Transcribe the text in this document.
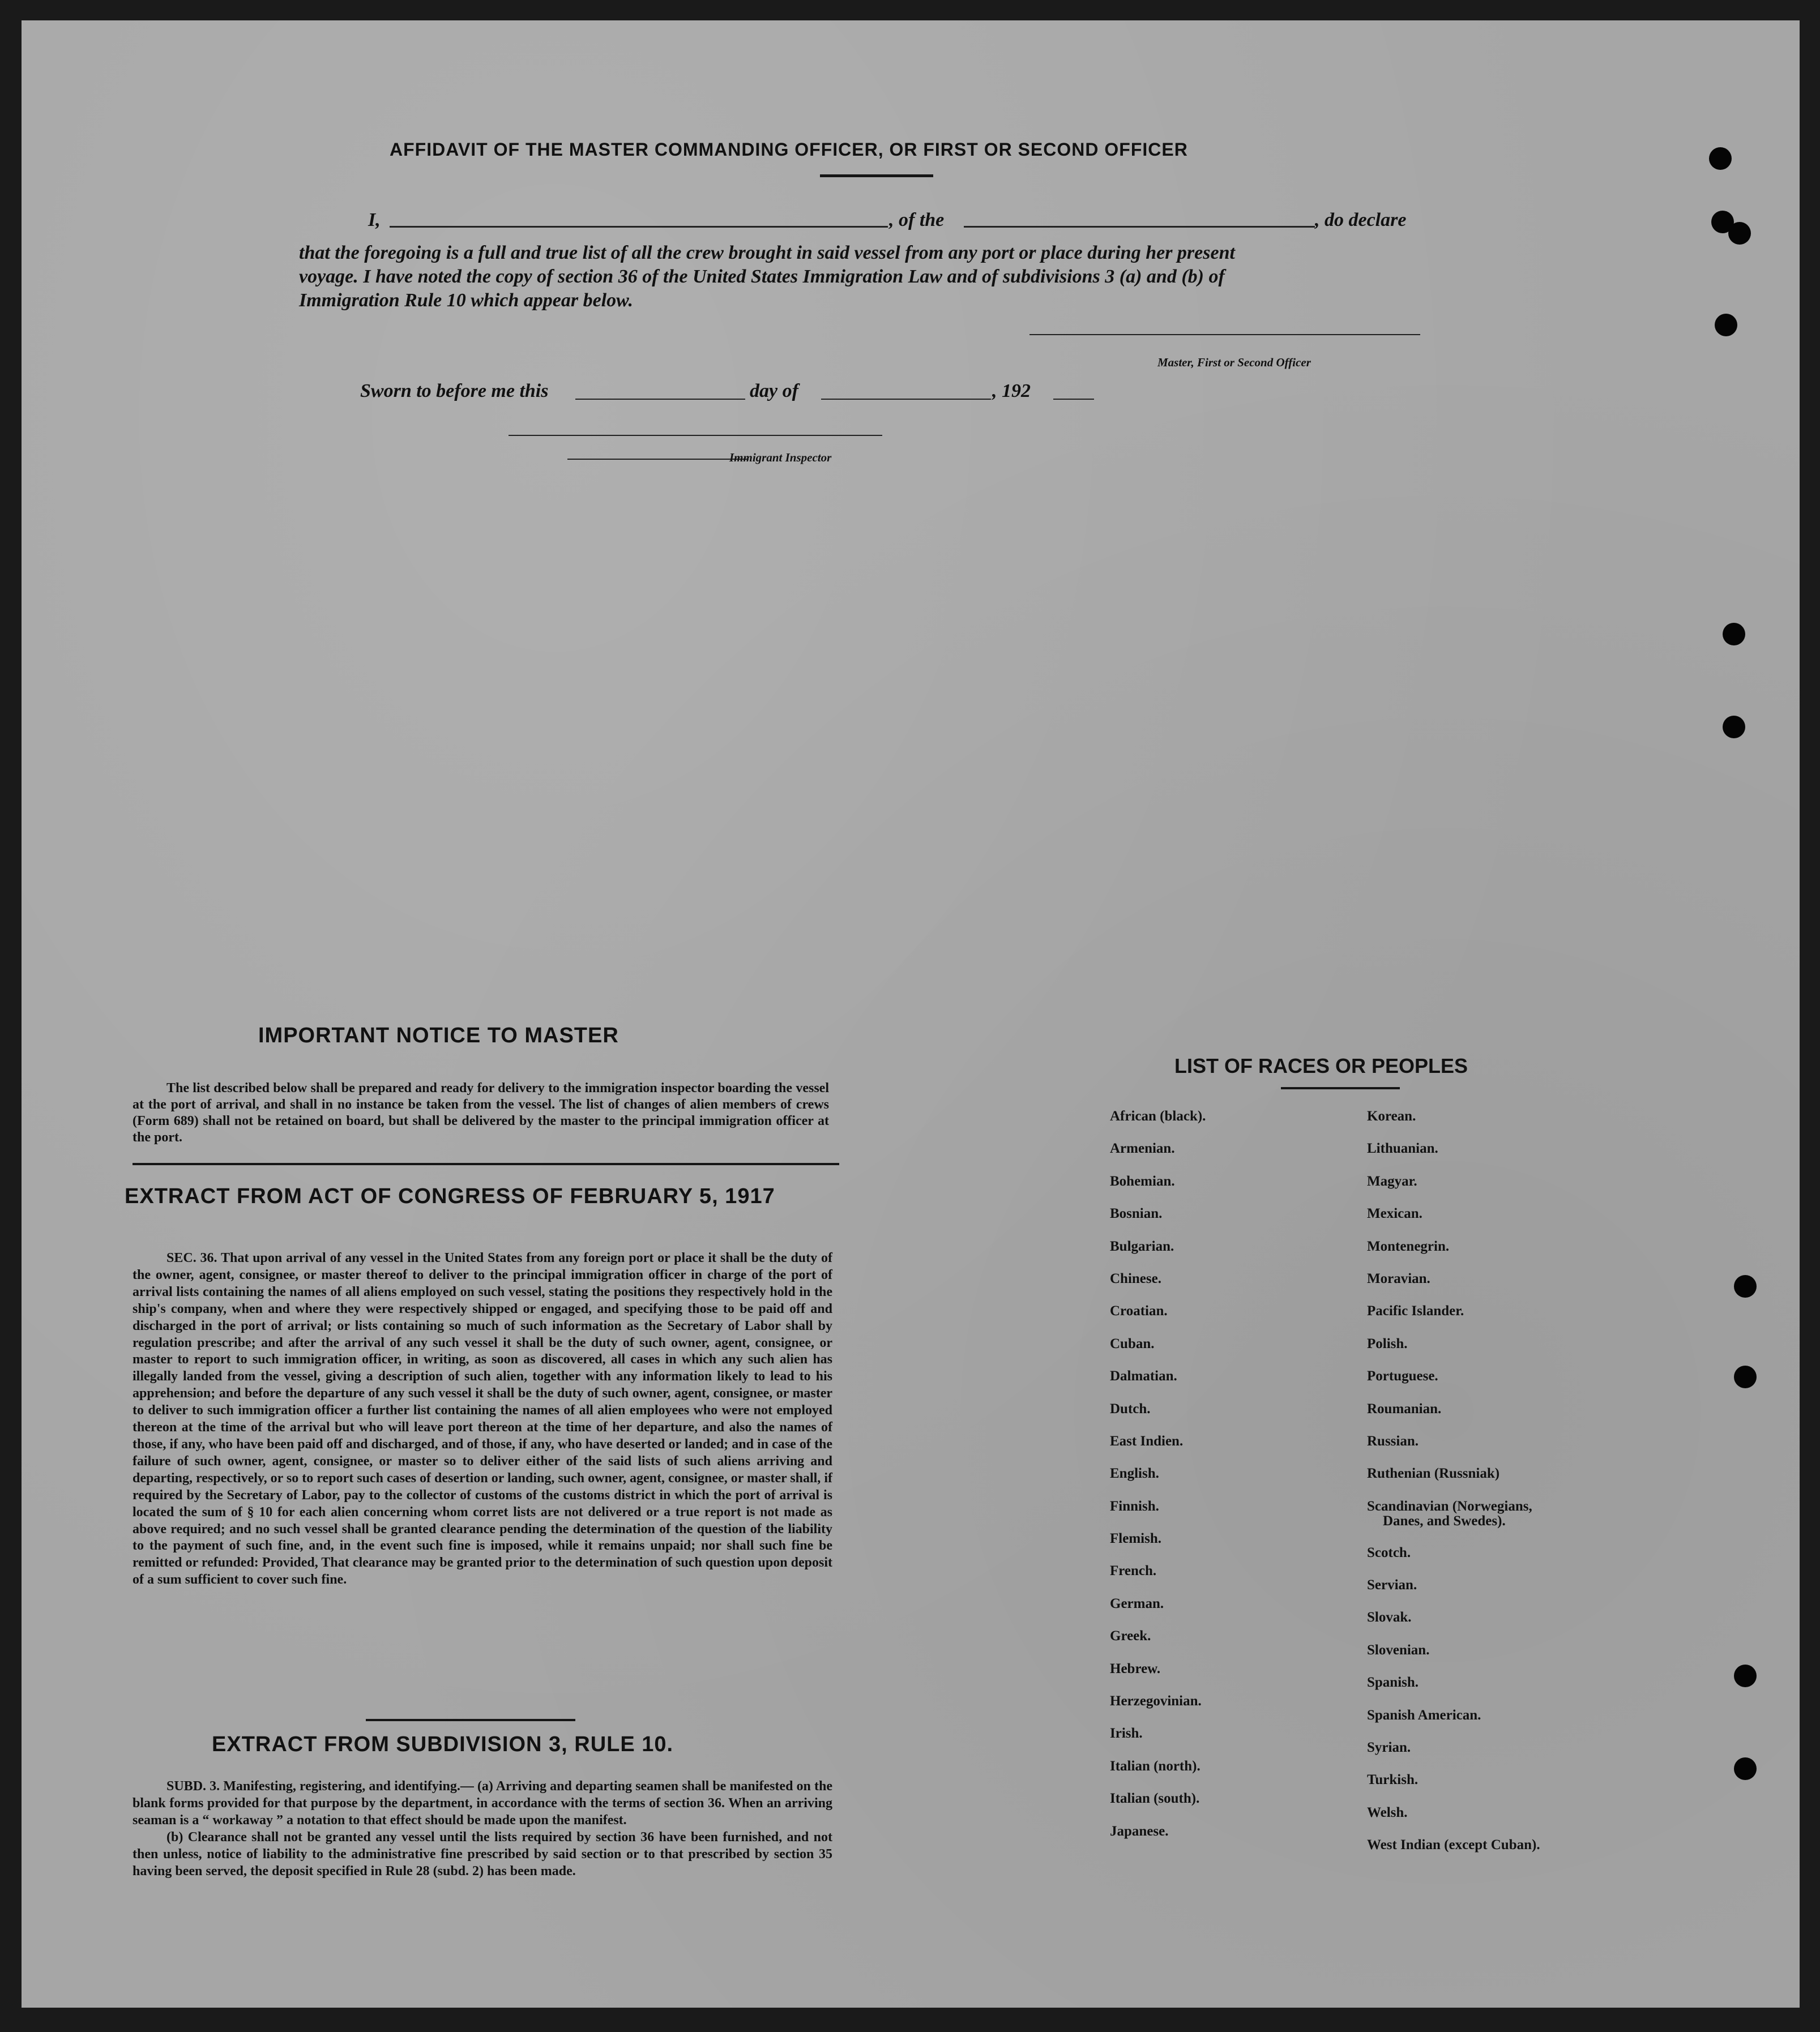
AFFIDAVIT OF THE MASTER COMMANDING OFFICER, OR FIRST OR SECOND OFFICER
I,	, of the	, do declare
that the foregoing is a full and true list of all the crew brought in said vessel from any port or place during her present
voyage. I have noted the copy of section 36 of the United States Immigration Law and of subdivisions 3 (a) and (b) of
Immigration Rule 10 which appear below.
Master, First or Second Officer
Sworn to before me this	day of	, 192
Immigrant Inspector
IMPORTANT NOTICE TO MASTER

The list described below shall be prepared and ready for delivery to the immigration inspector boarding the vessel at the port of arrival, and shall in no instance be taken from the vessel. The list of changes of alien members of crews (Form 689) shall not be retained on board, but shall be delivered by the master to the principal immigration officer at the port.

EXTRACT FROM ACT OF CONGRESS OF FEBRUARY 5, 1917

SEC. 36. That upon arrival of any vessel in the United States from any foreign port or place it shall be the duty of the owner, agent, consignee, or master thereof to deliver to the principal immigration officer in charge of the port of arrival lists containing the names of all aliens employed on such vessel, stating the positions they respectively hold in the ship's company, when and where they were respectively shipped or engaged, and specifying those to be paid off and discharged in the port of arrival; or lists containing so much of such information as the Secretary of Labor shall by regulation prescribe; and after the arrival of any such vessel it shall be the duty of such owner, agent, consignee, or master to report to such immigration officer, in writing, as soon as discovered, all cases in which any such alien has illegally landed from the vessel, giving a description of such alien, together with any information likely to lead to his apprehension; and before the departure of any such vessel it shall be the duty of such owner, agent, consignee, or master to deliver to such immigration officer a further list containing the names of all alien employees who were not employed thereon at the time of the arrival but who will leave port thereon at the time of her departure, and also the names of those, if any, who have been paid off and discharged, and of those, if any, who have deserted or landed; and in case of the failure of such owner, agent, consignee, or master so to deliver either of the said lists of such aliens arriving and departing, respectively, or so to report such cases of desertion or landing, such owner, agent, consignee, or master shall, if required by the Secretary of Labor, pay to the collector of customs of the customs district in which the port of arrival is located the sum of § 10 for each alien concerning whom corret lists are not delivered or a true report is not made as above required; and no such vessel shall be granted clearance pending the determination of the question of the liability to the payment of such fine, and, in the event such fine is imposed, while it remains unpaid; nor shall such fine be remitted or refunded: Provided, That clearance may be granted prior to the determination of such question upon deposit of a sum sufficient to cover such fine.

EXTRACT FROM SUBDIVISION 3, RULE 10.

SUBD. 3. Manifesting, registering, and identifying.— (a) Arriving and departing seamen shall be manifested on the blank forms provided for that purpose by the department, in accordance with the terms of section 36. When an arriving seaman is a “ workaway ” a notation to that effect should be made upon the manifest.

(b) Clearance shall not be granted any vessel until the lists required by section 36 have been furnished, and not then unless, notice of liability to the administrative fine prescribed by said section or to that prescribed by section 35 having been served, the deposit specified in Rule 28 (subd. 2) has been made.

LIST OF RACES OR PEOPLES
African (black).
Armenian.
Bohemian.
Bosnian.
Bulgarian.
Chinese.
Croatian.
Cuban.
Dalmatian.
Dutch.
East Indien.
English.
Finnish.
Flemish.
French.
German.
Greek.
Hebrew.
Herzegovinian.
Irish.
Italian (north).
Italian (south).
Japanese.
Korean.
Lithuanian.
Magyar.
Mexican.
Montenegrin.
Moravian.
Pacific Islander.
Polish.
Portuguese.
Roumanian.
Russian.
Ruthenian (Russniak)
Scandinavian (Norwegians,
Danes, and Swedes).
Scotch.
Servian.
Slovak.
Slovenian.
Spanish.
Spanish American.
Syrian.
Turkish.
Welsh.
West Indian (except Cuban).
